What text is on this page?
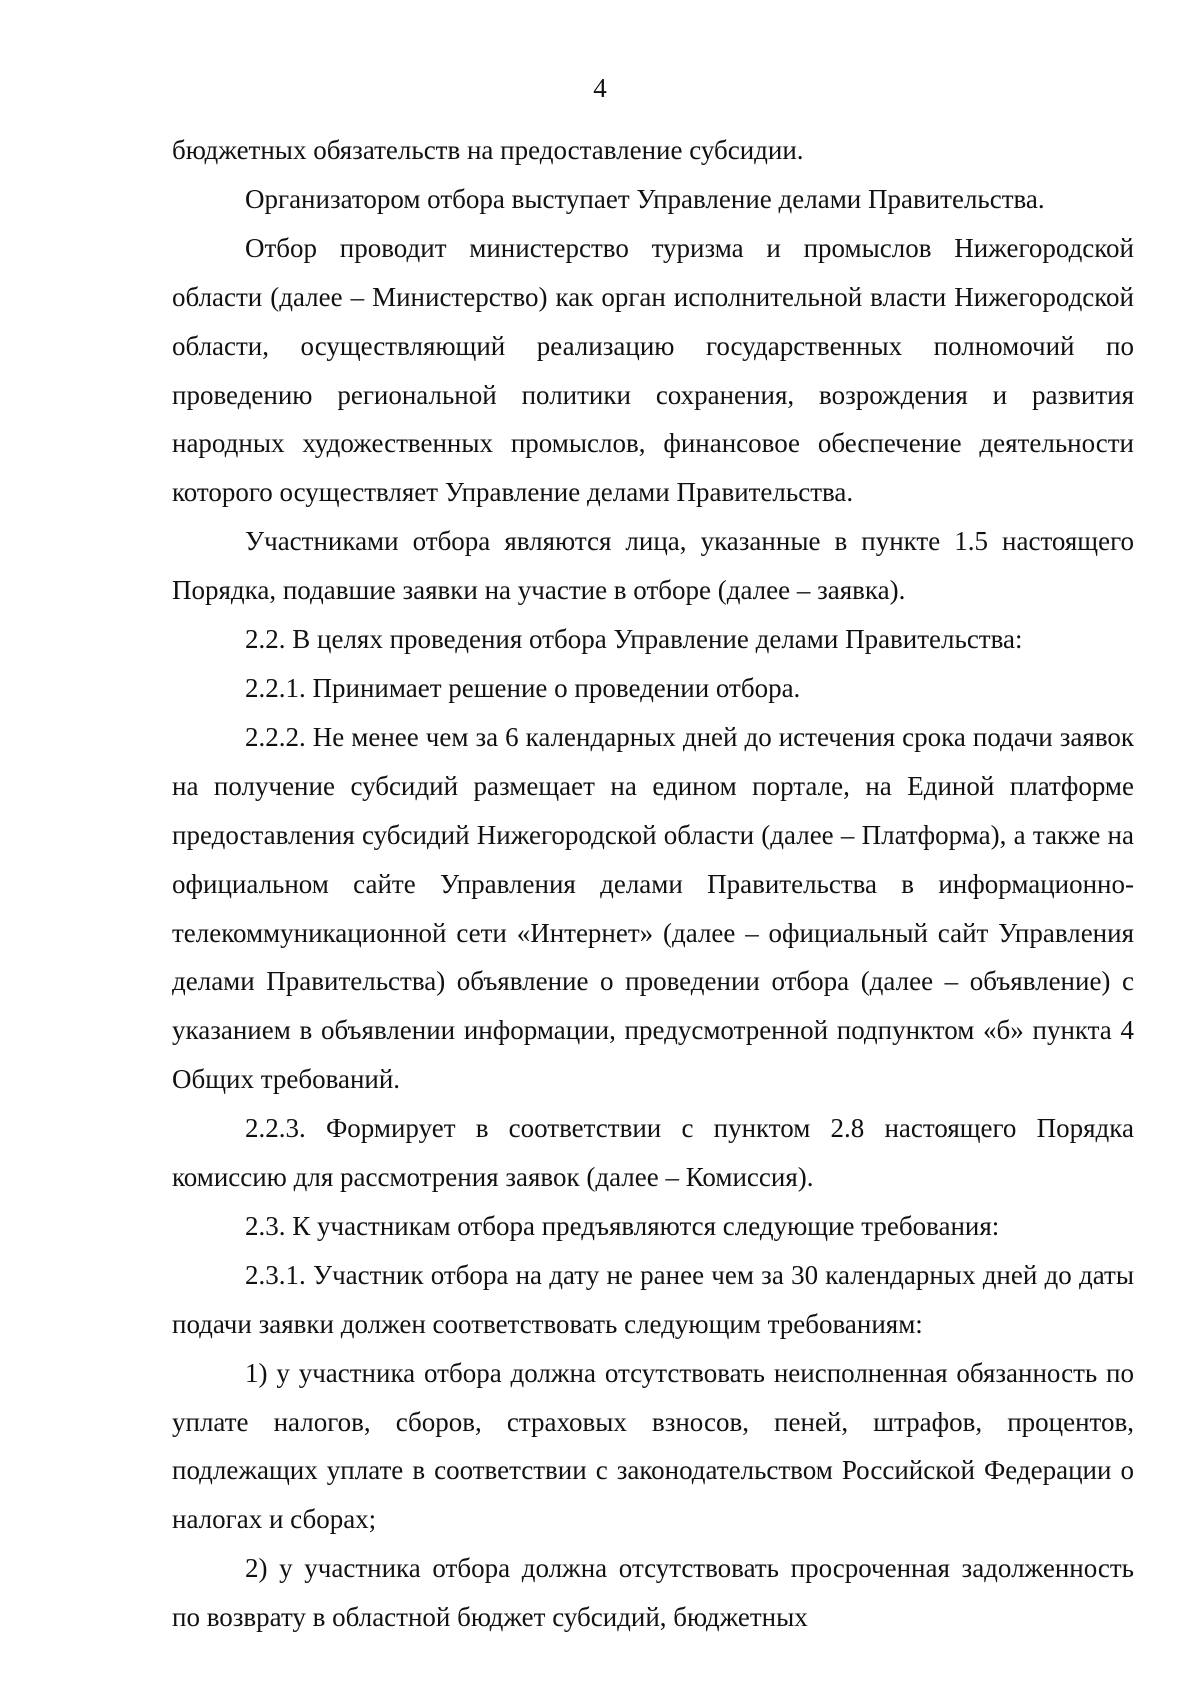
4

бюджетных обязательств на предоставление субсидии.

Организатором отбора выступает Управление делами Правительства.

Отбор проводит министерство туризма и промыслов Нижегородской области (далее – Министерство) как орган исполнительной власти Нижегородской области, осуществляющий реализацию государственных полномочий по проведению региональной политики сохранения, возрождения и развития народных художественных промыслов, финансовое обеспечение деятельности которого осуществляет Управление делами Правительства.

Участниками отбора являются лица, указанные в пункте 1.5 настоящего Порядка, подавшие заявки на участие в отборе (далее – заявка).

2.2. В целях проведения отбора Управление делами Правительства:

2.2.1. Принимает решение о проведении отбора.

2.2.2. Не менее чем за 6 календарных дней до истечения срока подачи заявок на получение субсидий размещает на едином портале, на Единой платформе предоставления субсидий Нижегородской области (далее – Платформа), а также на официальном сайте Управления делами Правительства в информационно-телекоммуникационной сети «Интернет» (далее – официальный сайт Управления делами Правительства) объявление о проведении отбора (далее – объявление) с указанием в объявлении информации, предусмотренной подпунктом «б» пункта 4 Общих требований.

2.2.3. Формирует в соответствии с пунктом 2.8 настоящего Порядка комиссию для рассмотрения заявок (далее – Комиссия).

2.3. К участникам отбора предъявляются следующие требования:

2.3.1. Участник отбора на дату не ранее чем за 30 календарных дней до даты подачи заявки должен соответствовать следующим требованиям:

1) у участника отбора должна отсутствовать неисполненная обязанность по уплате налогов, сборов, страховых взносов, пеней, штрафов, процентов, подлежащих уплате в соответствии с законодательством Российской Федерации о налогах и сборах;

2) у участника отбора должна отсутствовать просроченная задолженность по возврату в областной бюджет субсидий, бюджетных
